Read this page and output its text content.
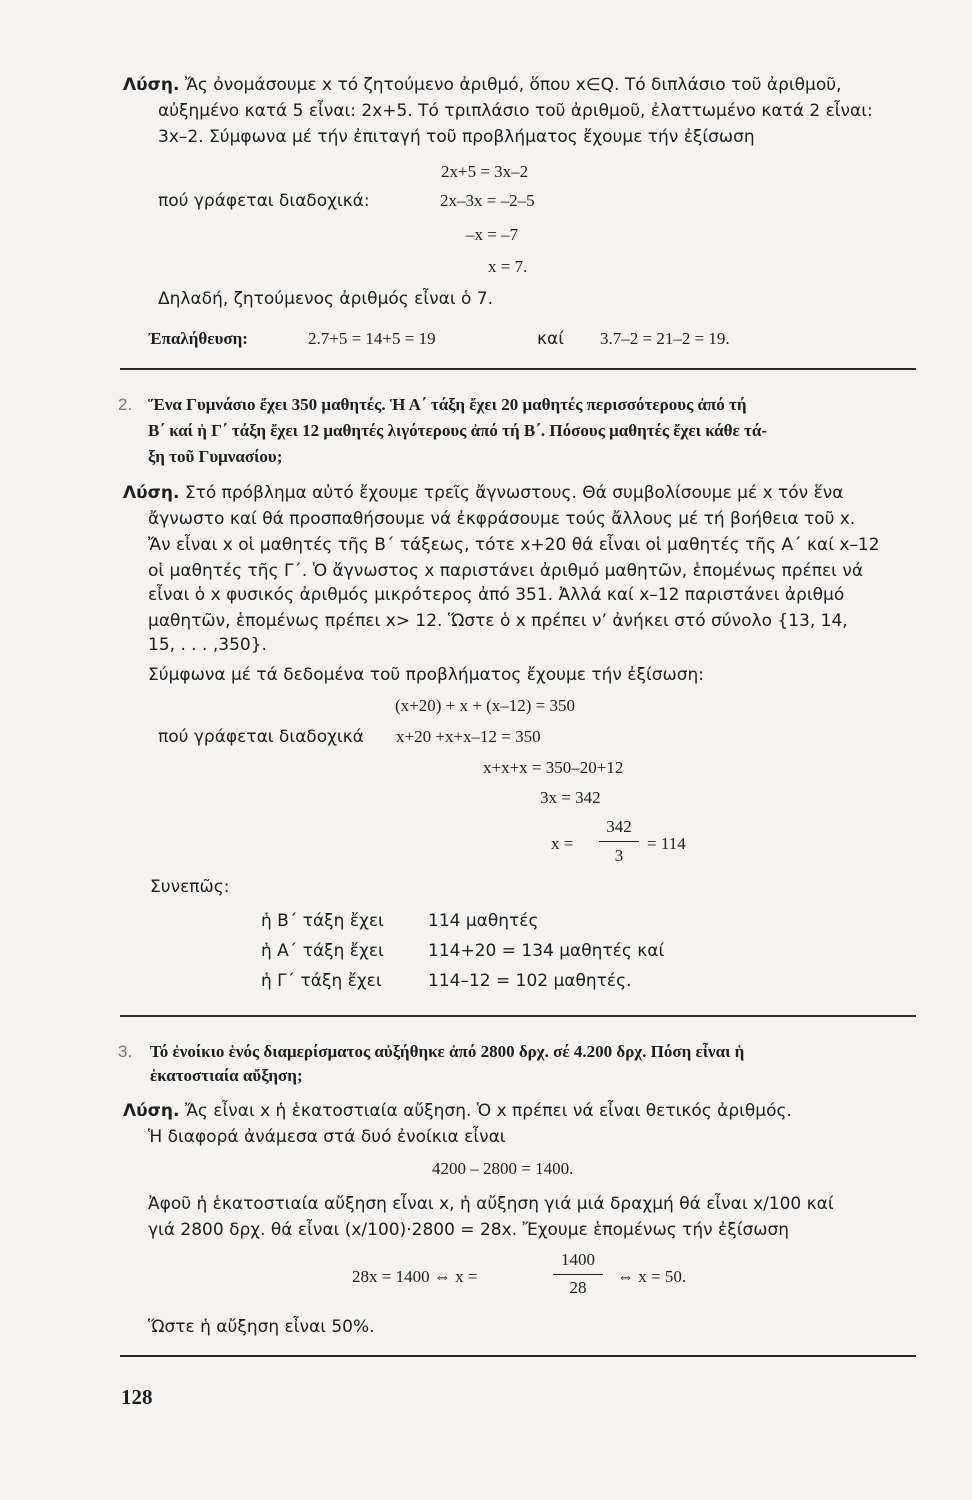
Λύση. Ἄς ὀνομάσουμε x τό ζητούμενο ἀριθμό, ὅπου x∈Q. Τό διπλάσιο τοῦ ἀριθμοῦ,
αὐξημένο κατά 5 εἶναι: 2x+5. Τό τριπλάσιο τοῦ ἀριθμοῦ, ἐλαττωμένο κατά 2 εἶναι:
3x–2. Σύμφωνα μέ τήν ἐπιταγή τοῦ προβλήματος ἔχουμε τήν ἐξίσωση
2x+5 = 3x–2
πού γράφεται διαδοχικά:	2x–3x = –2–5
–x = –7
x = 7.
Δηλαδή, ζητούμενος ἀριθμός εἶναι ὁ 7.
Ἐπαλήθευση:	2.7+5 = 14+5 = 19	καί 3.7–2 = 21–2 = 19.
2. Ἕνα Γυμνάσιο ἔχει 350 μαθητές. Ἡ Α΄ τάξη ἔχει 20 μαθητές περισσότερους ἀπό τή
Β΄ καί ἡ Γ΄ τάξη ἔχει 12 μαθητές λιγότερους ἀπό τή Β΄. Πόσους μαθητές ἔχει κάθε τά-
ξη τοῦ Γυμνασίου;
Λύση. Στό πρόβλημα αὐτό ἔχουμε τρεῖς ἄγνωστους. Θά συμβολίσουμε μέ x τόν ἕνα
ἄγνωστο καί θά προσπαθήσουμε νά ἐκφράσουμε τούς ἄλλους μέ τή βοήθεια τοῦ x.
Ἄν εἶναι x οἱ μαθητές τῆς Β΄ τάξεως, τότε x+20 θά εἶναι οἱ μαθητές τῆς Α΄ καί x–12
οἱ μαθητές τῆς Γ΄. Ὁ ἄγνωστος x παριστάνει ἀριθμό μαθητῶν, ἑπομένως πρέπει νά
εἶναι ὁ x φυσικός ἀριθμός μικρότερος ἀπό 351. Ἀλλά καί x–12 παριστάνει ἀριθμό
μαθητῶν, ἑπομένως πρέπει x> 12. Ὥστε ὁ x πρέπει ν’ ἀνήκει στό σύνολο {13, 14,
15, . . . ,350}.
Σύμφωνα μέ τά δεδομένα τοῦ προβλήματος ἔχουμε τήν ἐξίσωση:
(x+20) + x + (x–12) = 350
πού γράφεται διαδοχικά x+20 +x+x–12 = 350
x+x+x = 350–20+12
3x = 342
x =
342
3
= 114
Συνεπῶς:
ἡ Β΄ τάξη ἔχει	114 μαθητές
ἡ Α΄ τάξη ἔχει	114+20 = 134 μαθητές καί
ἡ Γ΄ τάξη ἔχει	114–12 = 102 μαθητές.
3. Τό ἐνοίκιο ἑνός διαμερίσματος αὐξήθηκε ἀπό 2800 δρχ. σέ 4.200 δρχ. Πόση εἶναι ἡ
ἑκατοστιαία αὔξηση;
Λύση. Ἄς εἶναι x ἡ ἑκατοστιαία αὔξηση. Ὁ x πρέπει νά εἶναι θετικός ἀριθμός.
Ἡ διαφορά ἀνάμεσα στά δυό ἐνοίκια εἶναι
4200 – 2800 = 1400.
Ἀφοῦ ἡ ἑκατοστιαία αὔξηση εἶναι x, ἡ αὔξηση γιά μιά δραχμή θά εἶναι x/100 καί
γιά 2800 δρχ. θά εἶναι (x/100)·2800 = 28x. Ἔχουμε ἑπομένως τήν ἐξίσωση
28x = 1400 ⇔ x =
1400
28
⇔ x = 50.
Ὥστε ἡ αὔξηση εἶναι 50%.
128
